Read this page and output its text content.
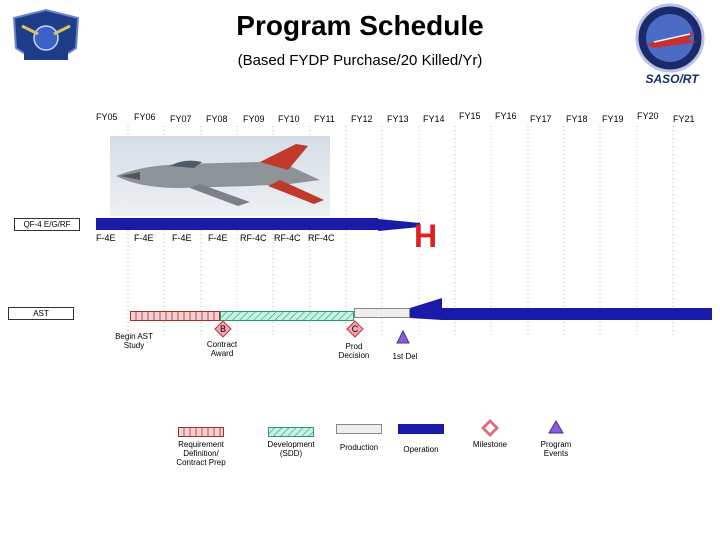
SASO/RT
Program Schedule
(Based FYDP Purchase/20 Killed/Yr)
FY05 FY06 FY07 FY08 FY09 FY10 FY11 FY12 FY13 FY14 FY15 FY16 FY17 FY18 FY19 FY20 FY21
QF-4 E/G/RF	H
F-4E F-4E F-4E F-4E RF-4C RF-4C RF-4C
AST
B	C
Begin AST Study	Contract Award
Prod Decision	1st Del
Requirement Definition/ Contract Prep
Development (SDD)
Production	Operation
Milestone	Program Events
